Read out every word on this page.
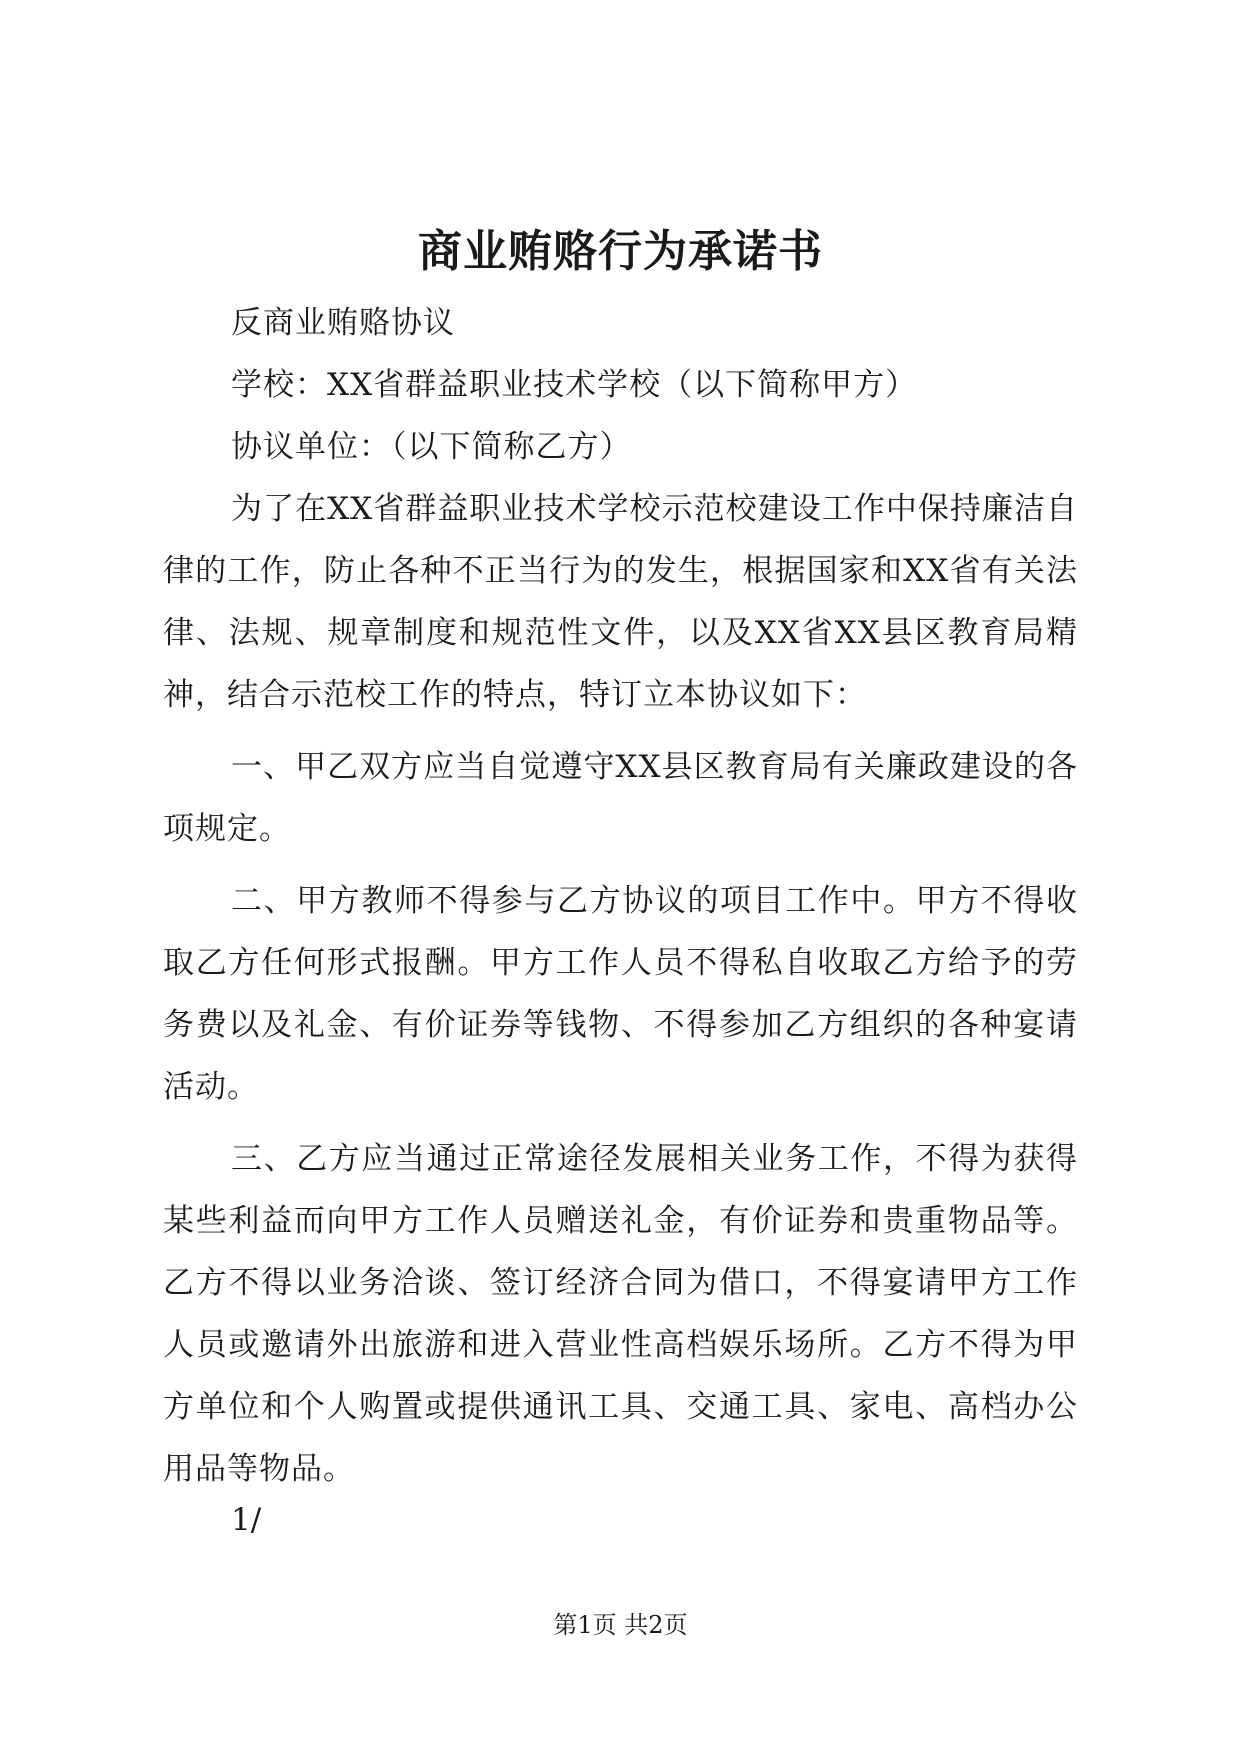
商业贿赂行为承诺书

反商业贿赂协议

学校：XX省群益职业技术学校（以下简称甲方）

协议单位：（以下简称乙方）

为了在XX省群益职业技术学校示范校建设工作中保持廉洁自律的工作，防止各种不正当行为的发生，根据国家和XX省有关法律、法规、规章制度和规范性文件，以及XX省XX县区教育局精神，结合示范校工作的特点，特订立本协议如下：

一、甲乙双方应当自觉遵守XX县区教育局有关廉政建设的各项规定。

二、甲方教师不得参与乙方协议的项目工作中。甲方不得收取乙方任何形式报酬。甲方工作人员不得私自收取乙方给予的劳务费以及礼金、有价证券等钱物、不得参加乙方组织的各种宴请活动。

三、乙方应当通过正常途径发展相关业务工作，不得为获得某些利益而向甲方工作人员赠送礼金，有价证券和贵重物品等。乙方不得以业务洽谈、签订经济合同为借口，不得宴请甲方工作人员或邀请外出旅游和进入营业性高档娱乐场所。乙方不得为甲方单位和个人购置或提供通讯工具、交通工具、家电、高档办公用品等物品。

1/
第1页 共2页
